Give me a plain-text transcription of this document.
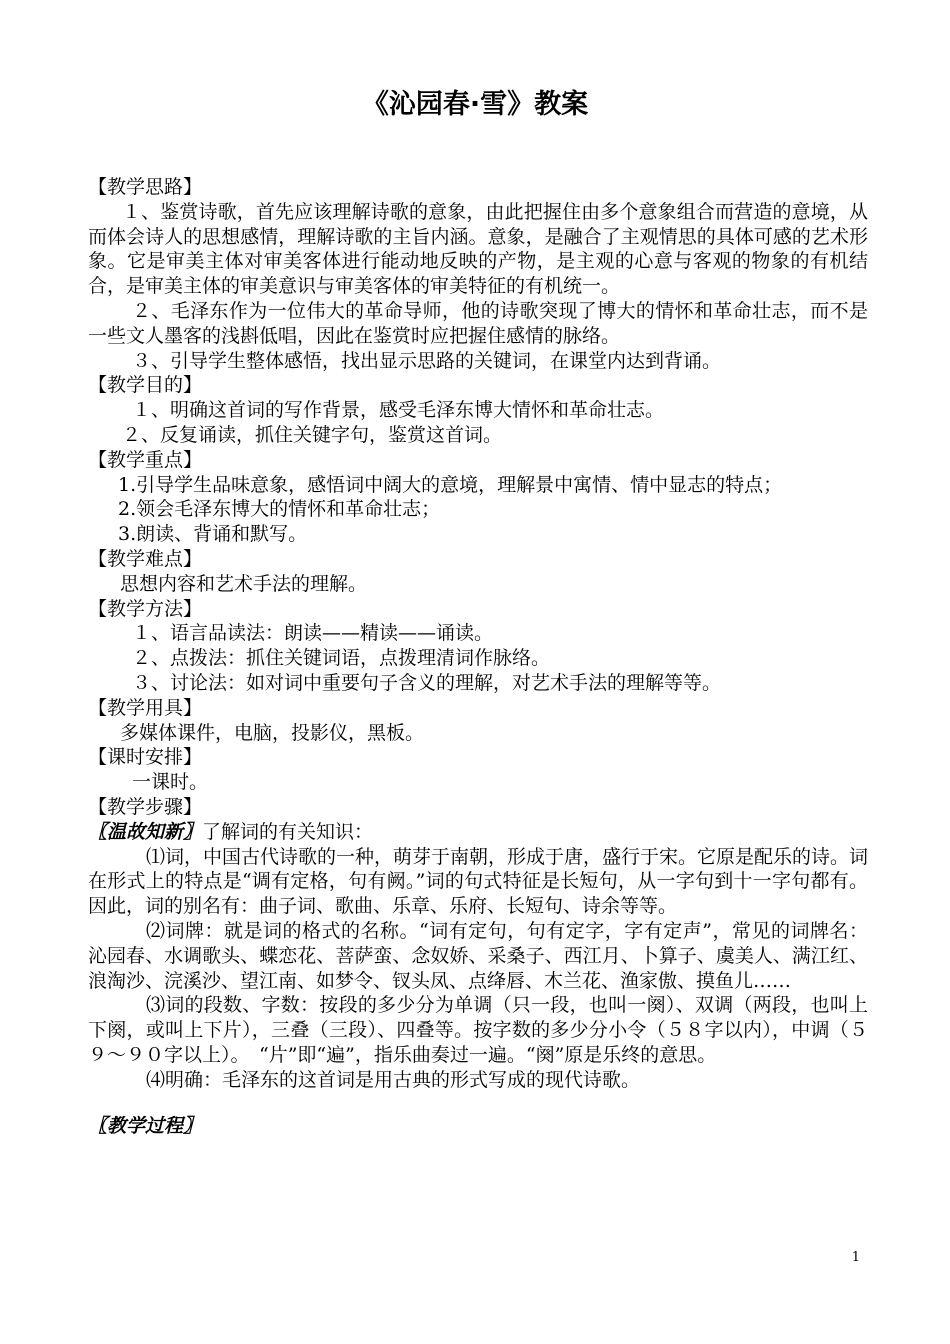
《沁园春·雪》教案

【教学思路】

１、鉴赏诗歌，首先应该理解诗歌的意象，由此把握住由多个意象组合而营造的意境，从而体会诗人的思想感情，理解诗歌的主旨内涵。意象，是融合了主观情思的具体可感的艺术形象。它是审美主体对审美客体进行能动地反映的产物，是主观的心意与客观的物象的有机结合，是审美主体的审美意识与审美客体的审美特征的有机统一。

２、毛泽东作为一位伟大的革命导师，他的诗歌突现了博大的情怀和革命壮志，而不是一些文人墨客的浅斟低唱，因此在鉴赏时应把握住感情的脉络。

３、引导学生整体感悟，找出显示思路的关键词，在课堂内达到背诵。

【教学目的】

１、明确这首词的写作背景，感受毛泽东博大情怀和革命壮志。

２、反复诵读，抓住关键字句，鉴赏这首词。

【教学重点】

1.引导学生品味意象，感悟词中阔大的意境，理解景中寓情、情中显志的特点；

2.领会毛泽东博大的情怀和革命壮志；

3.朗读、背诵和默写。

【教学难点】

思想内容和艺术手法的理解。

【教学方法】

１、语言品读法：朗读——精读——诵读。

２、点拨法：抓住关键词语，点拨理清词作脉络。

３、讨论法：如对词中重要句子含义的理解，对艺术手法的理解等等。

【教学用具】

多媒体课件，电脑，投影仪，黑板。

【课时安排】

一课时。

【教学步骤】

〖温故知新〗了解词的有关知识：

⑴词，中国古代诗歌的一种，萌芽于南朝，形成于唐，盛行于宋。它原是配乐的诗。词在形式上的特点是“调有定格，句有阙。”词的句式特征是长短句，从一字句到十一字句都有。因此，词的别名有：曲子词、歌曲、乐章、乐府、长短句、诗余等等。

⑵词牌：就是词的格式的名称。“词有定句，句有定字，字有定声”，常见的词牌名：沁园春、水调歌头、蝶恋花、菩萨蛮、念奴娇、采桑子、西江月、卜算子、虞美人、满江红、浪淘沙、浣溪沙、望江南、如梦令、钗头凤、点绛唇、木兰花、渔家傲、摸鱼儿……

⑶词的段数、字数：按段的多少分为单调（只一段，也叫一阕）、双调（两段，也叫上下阕，或叫上下片），三叠（三段）、四叠等。按字数的多少分小令（５８字以内），中调（５９～９０字以上）。　“片”即“遍”，指乐曲奏过一遍。“阕”原是乐终的意思。

⑷明确：毛泽东的这首词是用古典的形式写成的现代诗歌。

〖教学过程〗

1
